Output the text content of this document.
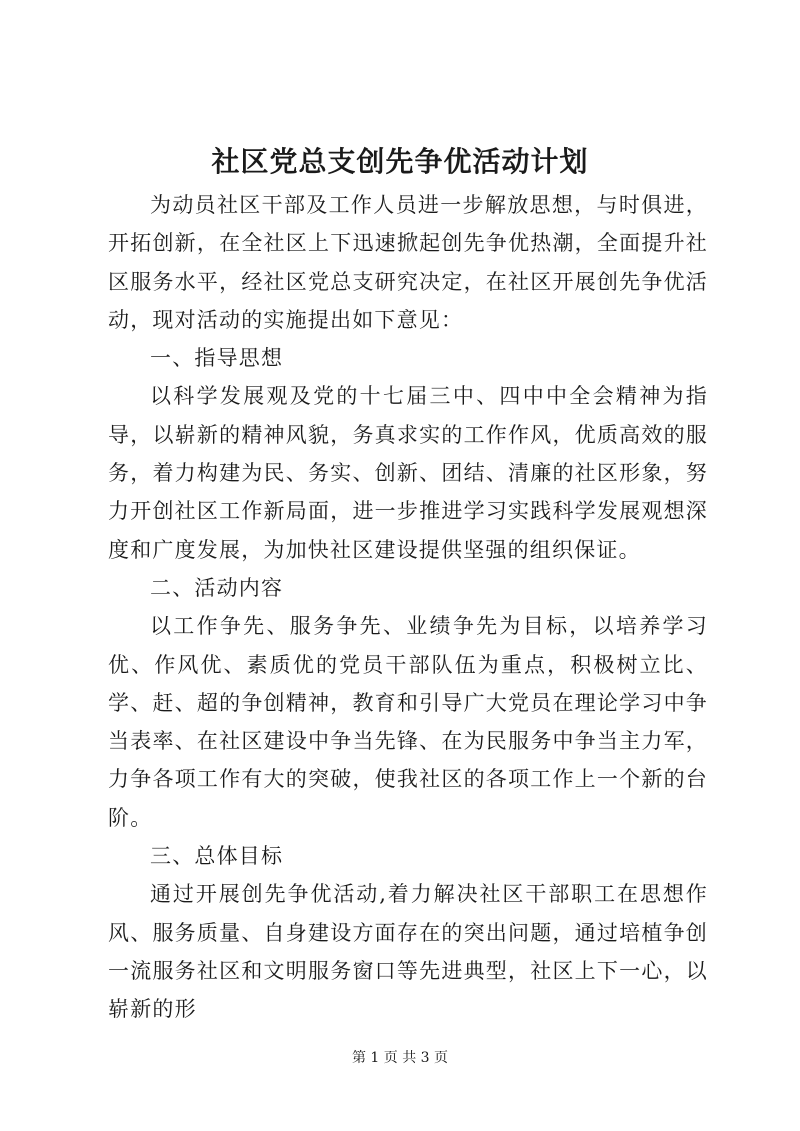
社区党总支创先争优活动计划

为动员社区干部及工作人员进一步解放思想，与时俱进，开拓创新，在全社区上下迅速掀起创先争优热潮，全面提升社区服务水平，经社区党总支研究决定，在社区开展创先争优活动，现对活动的实施提出如下意见：

一、指导思想

以科学发展观及党的十七届三中、四中中全会精神为指导，以崭新的精神风貌，务真求实的工作作风，优质高效的服务，着力构建为民、务实、创新、团结、清廉的社区形象，努力开创社区工作新局面，进一步推进学习实践科学发展观想深度和广度发展，为加快社区建设提供坚强的组织保证。

二、活动内容

以工作争先、服务争先、业绩争先为目标，以培养学习优、作风优、素质优的党员干部队伍为重点，积极树立比、学、赶、超的争创精神，教育和引导广大党员在理论学习中争当表率、在社区建设中争当先锋、在为民服务中争当主力军，力争各项工作有大的突破，使我社区的各项工作上一个新的台阶。

三、总体目标

通过开展创先争优活动,着力解决社区干部职工在思想作风、服务质量、自身建设方面存在的突出问题，通过培植争创一流服务社区和文明服务窗口等先进典型，社区上下一心，以崭新的形

第 1 页 共 3 页
